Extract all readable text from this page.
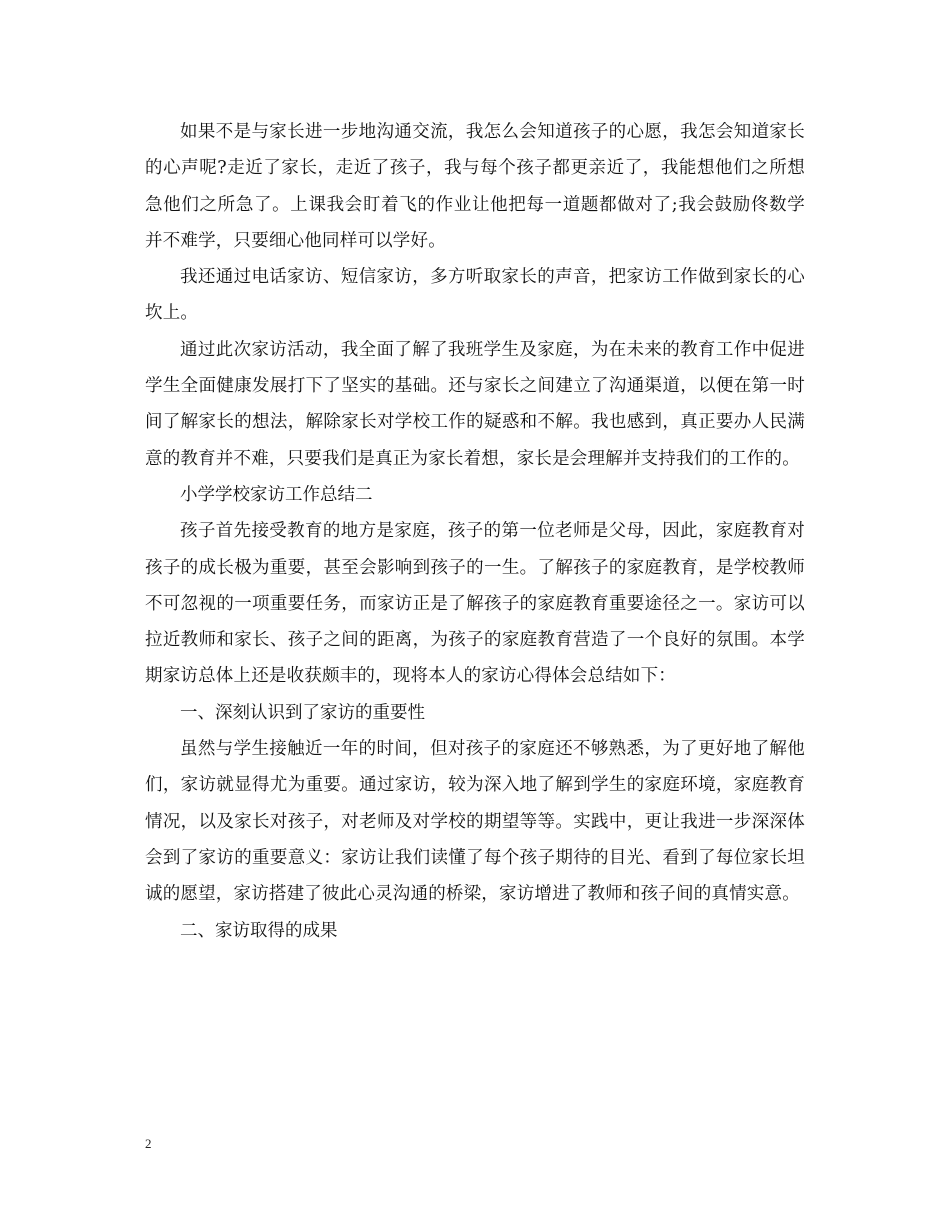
如果不是与家长进一步地沟通交流，我怎么会知道孩子的心愿，我怎会知道家长的心声呢?走近了家长，走近了孩子，我与每个孩子都更亲近了，我能想他们之所想急他们之所急了。上课我会盯着飞的作业让他把每一道题都做对了;我会鼓励佟数学并不难学，只要细心他同样可以学好。

我还通过电话家访、短信家访，多方听取家长的声音，把家访工作做到家长的心坎上。

通过此次家访活动，我全面了解了我班学生及家庭，为在未来的教育工作中促进学生全面健康发展打下了坚实的基础。还与家长之间建立了沟通渠道，以便在第一时间了解家长的想法，解除家长对学校工作的疑惑和不解。我也感到，真正要办人民满意的教育并不难，只要我们是真正为家长着想，家长是会理解并支持我们的工作的。

小学学校家访工作总结二

孩子首先接受教育的地方是家庭，孩子的第一位老师是父母，因此，家庭教育对孩子的成长极为重要，甚至会影响到孩子的一生。了解孩子的家庭教育，是学校教师不可忽视的一项重要任务，而家访正是了解孩子的家庭教育重要途径之一。家访可以拉近教师和家长、孩子之间的距离，为孩子的家庭教育营造了一个良好的氛围。本学期家访总体上还是收获颇丰的，现将本人的家访心得体会总结如下：

一、深刻认识到了家访的重要性

虽然与学生接触近一年的时间，但对孩子的家庭还不够熟悉，为了更好地了解他们，家访就显得尤为重要。通过家访，较为深入地了解到学生的家庭环境，家庭教育情况，以及家长对孩子，对老师及对学校的期望等等。实践中，更让我进一步深深体会到了家访的重要意义：家访让我们读懂了每个孩子期待的目光、看到了每位家长坦诚的愿望，家访搭建了彼此心灵沟通的桥梁，家访增进了教师和孩子间的真情实意。

二、家访取得的成果

2
